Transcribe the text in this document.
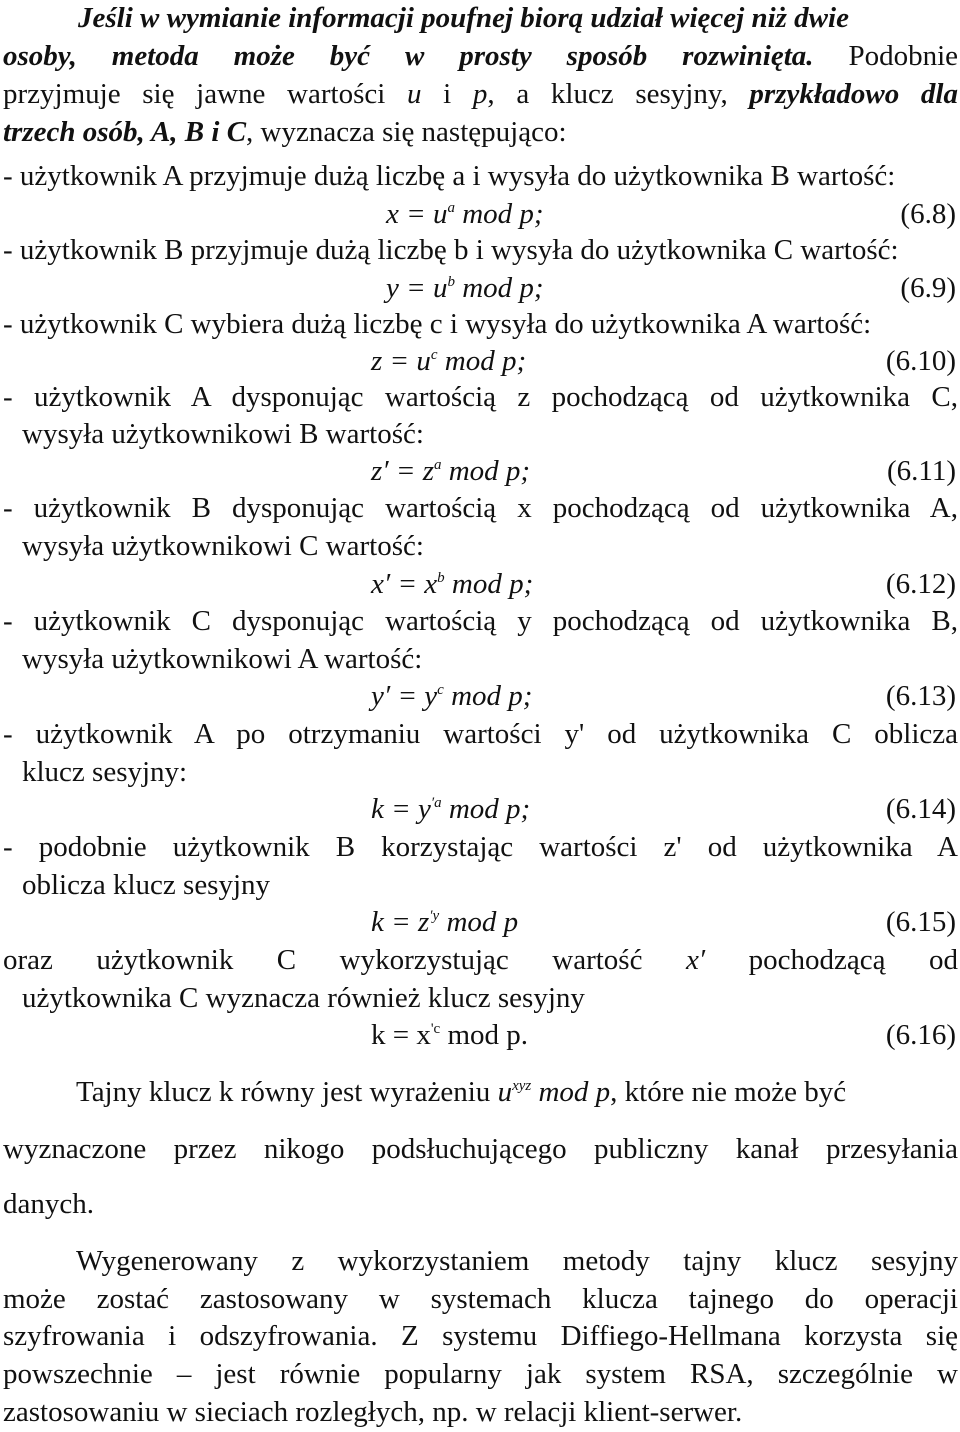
Jeśli w wymianie informacji poufnej biorą udział więcej niż dwie
osoby, metoda może być w prosty sposób rozwinięta. Podobnie
przyjmuje się jawne wartości u i p, a klucz sesyjny, przykładowo dla
trzech osób, A, B i C, wyznacza się następująco:
- użytkownik A przyjmuje dużą liczbę a i wysyła do użytkownika B wartość:
$x = u^a$ mod p;	(6.8)
- użytkownik B przyjmuje dużą liczbę b i wysyła do użytkownika C wartość:
$y = u^b$ mod p;	(6.9)
- użytkownik C wybiera dużą liczbę c i wysyła do użytkownika A wartość:
$z = u^c$ mod p;	(6.10)
- użytkownik A dysponując wartością z pochodzącą od użytkownika C,
wysyła użytkownikowi B wartość:
$z' = z^a$ mod p;	(6.11)
- użytkownik B dysponując wartością x pochodzącą od użytkownika A,
wysyła użytkownikowi C wartość:
$x' = x^b$ mod p;	(6.12)
- użytkownik C dysponując wartością y pochodzącą od użytkownika B,
wysyła użytkownikowi A wartość:
$y' = y^c$ mod p;	(6.13)
- użytkownik A po otrzymaniu wartości y' od użytkownika C oblicza
klucz sesyjny:
$k = y^{'a}$ mod p;	(6.14)
- podobnie użytkownik B korzystając wartości z' od użytkownika A
oblicza klucz sesyjny
$k = z^{'y}$ mod p	(6.15)
oraz użytkownik C wykorzystując wartość x′ pochodzącą od
użytkownika C wyznacza również klucz sesyjny
$k = x^{'c}$ mod p.	(6.16)
Tajny klucz k równy jest wyrażeniu $u^{xyz}$ mod p, które nie może być
wyznaczone przez nikogo podsłuchującego publiczny kanał przesyłania
danych.
Wygenerowany z wykorzystaniem metody tajny klucz sesyjny
może zostać zastosowany w systemach klucza tajnego do operacji
szyfrowania i odszyfrowania. Z systemu Diffiego-Hellmana korzysta się
powszechnie – jest równie popularny jak system RSA, szczególnie w
zastosowaniu w sieciach rozległych, np. w relacji klient-serwer.
